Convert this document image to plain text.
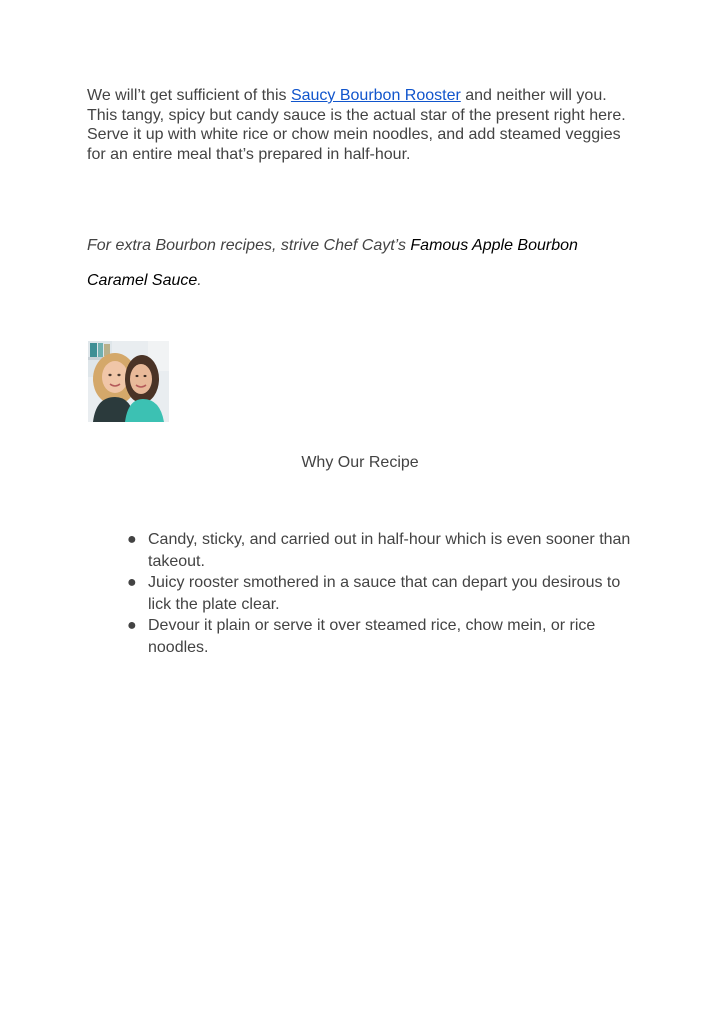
We will’t get sufficient of this Saucy Bourbon Rooster and neither will you. This tangy, spicy but candy sauce is the actual star of the present right here. Serve it up with white rice or chow mein noodles, and add steamed veggies for an entire meal that’s prepared in half-hour.

For extra Bourbon recipes, strive Chef Cayt’s Famous Apple Bourbon Caramel Sauce.

Why Our Recipe

● Candy, sticky, and carried out in half-hour which is even sooner than takeout.
● Juicy rooster smothered in a sauce that can depart you desirous to lick the plate clear.
● Devour it plain or serve it over steamed rice, chow mein, or rice noodles.
